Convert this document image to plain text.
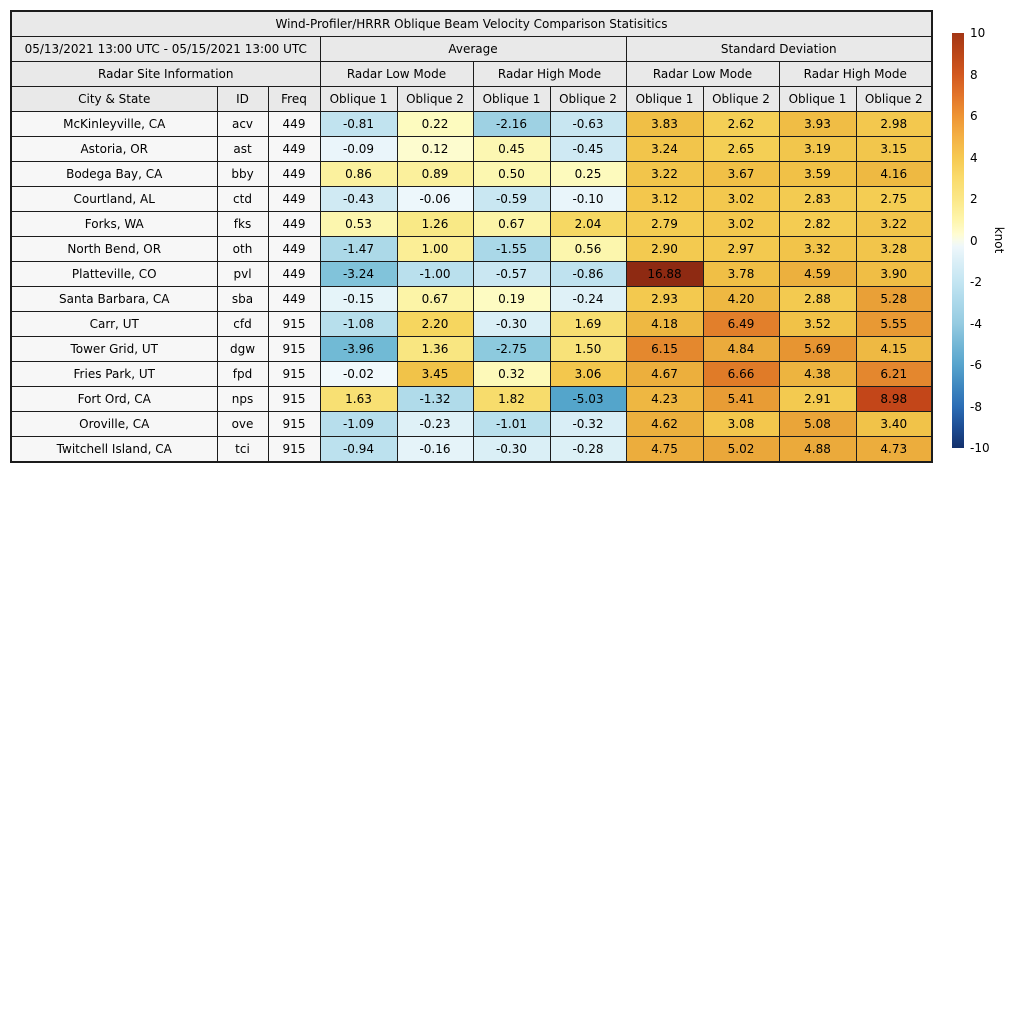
Wind-Profiler/HRRR Oblique Beam Velocity Comparison Statisitics										
05/13/2021 13:00 UTC - 05/15/2021 13:00 UTC			Average				Standard Deviation			
Radar Site Information			Radar Low Mode		Radar High Mode		Radar Low Mode		Radar High Mode	
City & State	ID	Freq	Oblique 1	Oblique 2	Oblique 1	Oblique 2	Oblique 1	Oblique 2	Oblique 1	Oblique 2
McKinleyville, CA	acv	449	-0.81	0.22	-2.16	-0.63	3.83	2.62	3.93	2.98
Astoria, OR	ast	449	-0.09	0.12	0.45	-0.45	3.24	2.65	3.19	3.15
Bodega Bay, CA	bby	449	0.86	0.89	0.50	0.25	3.22	3.67	3.59	4.16
Courtland, AL	ctd	449	-0.43	-0.06	-0.59	-0.10	3.12	3.02	2.83	2.75
Forks, WA	fks	449	0.53	1.26	0.67	2.04	2.79	3.02	2.82	3.22
North Bend, OR	oth	449	-1.47	1.00	-1.55	0.56	2.90	2.97	3.32	3.28
Platteville, CO	pvl	449	-3.24	-1.00	-0.57	-0.86	16.88	3.78	4.59	3.90
Santa Barbara, CA	sba	449	-0.15	0.67	0.19	-0.24	2.93	4.20	2.88	5.28
Carr, UT	cfd	915	-1.08	2.20	-0.30	1.69	4.18	6.49	3.52	5.55
Tower Grid, UT	dgw	915	-3.96	1.36	-2.75	1.50	6.15	4.84	5.69	4.15
Fries Park, UT	fpd	915	-0.02	3.45	0.32	3.06	4.67	6.66	4.38	6.21
Fort Ord, CA	nps	915	1.63	-1.32	1.82	-5.03	4.23	5.41	2.91	8.98
Oroville, CA	ove	915	-1.09	-0.23	-1.01	-0.32	4.62	3.08	5.08	3.40
Twitchell Island, CA	tci	915	-0.94	-0.16	-0.30	-0.28	4.75	5.02	4.88	4.73
10
8
6
4
2
0
-2
-4
-6
-8
-10
knot
